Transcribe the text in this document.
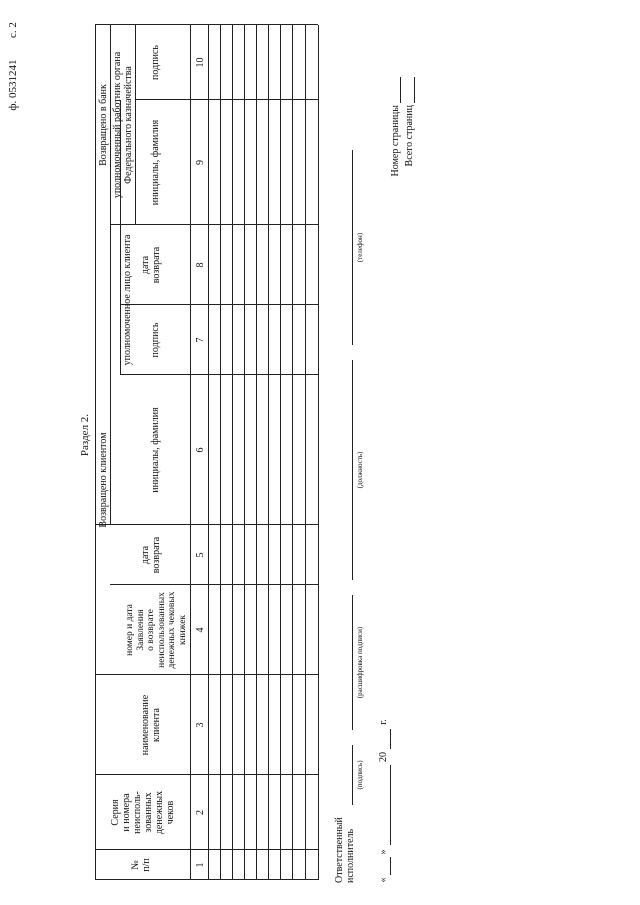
ф. 0531241
с. 2
Раздел 2. Возвращено клиентом
Возвращено в банк
уполномоченное лицо клиента
уполномоченный работник органа
Федерального казначейства
№
п/п
Серия
и номера
неисполь-
зованных
денежных
чеков
наименование
клиента
номер и дата
Заявления
о возврате
неиспользованных
денежных чековых
книжек
дата
возврата
инициалы, фамилия
подпись
дата
возврата
инициалы, фамилия
подпись
1
2
3
4
5
6
7
8
9
10
Ответственный
исполнитель
(подпись)
(расшифровка подписи)
(должность)
(телефон)
«
»
20
г.
Номер страницы Всего страниц
